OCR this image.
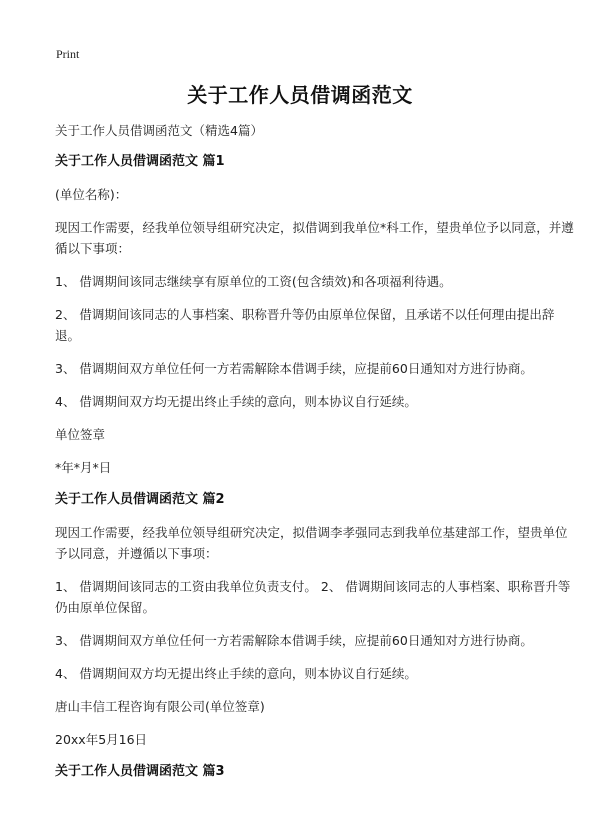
Print
关于工作人员借调函范文

关于工作人员借调函范文（精选4篇）

关于工作人员借调函范文 篇1

(单位名称)：

现因工作需要，经我单位领导组研究决定，拟借调到我单位*科工作，望贵单位予以同意，并遵循以下事项：

1、 借调期间该同志继续享有原单位的工资(包含绩效)和各项福利待遇。

2、 借调期间该同志的人事档案、职称晋升等仍由原单位保留，且承诺不以任何理由提出辞退。

3、 借调期间双方单位任何一方若需解除本借调手续，应提前60日通知对方进行协商。

4、 借调期间双方均无提出终止手续的意向，则本协议自行延续。

单位签章

*年*月*日

关于工作人员借调函范文 篇2

现因工作需要，经我单位领导组研究决定，拟借调李孝强同志到我单位基建部工作，望贵单位予以同意，并遵循以下事项：

1、 借调期间该同志的工资由我单位负责支付。 2、 借调期间该同志的人事档案、职称晋升等仍由原单位保留。

3、 借调期间双方单位任何一方若需解除本借调手续，应提前60日通知对方进行协商。

4、 借调期间双方均无提出终止手续的意向，则本协议自行延续。

唐山丰信工程咨询有限公司(单位签章)

20xx年5月16日

关于工作人员借调函范文 篇3
